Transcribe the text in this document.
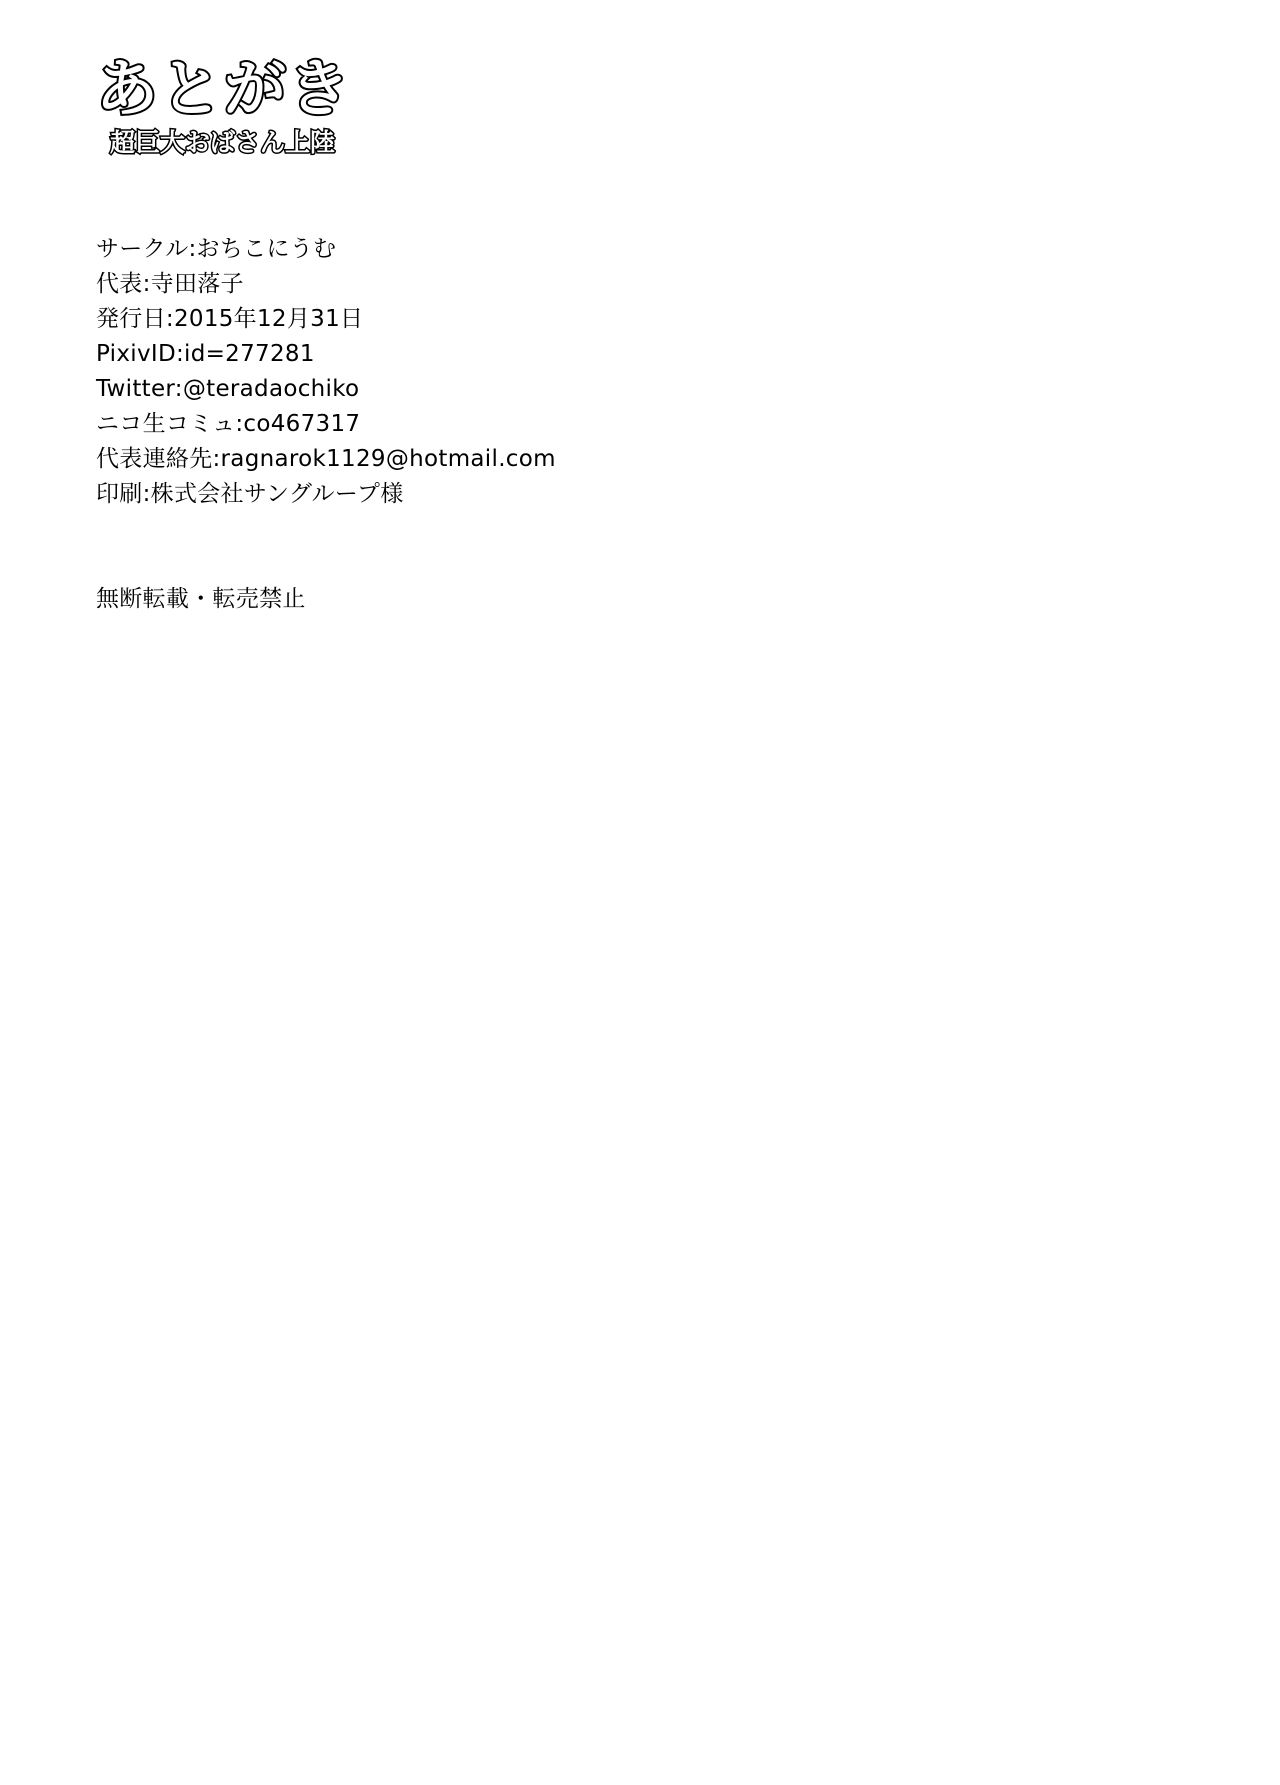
あとがき
超巨大おばさん上陸
サークル:おちこにうむ
代表:寺田落子
発行日:2015年12月31日
PixivID:id=277281
Twitter:@teradaochiko
ニコ生コミュ:co467317
代表連絡先:ragnarok1129@hotmail.com
印刷:株式会社サングループ様
無断転載・転売禁止
